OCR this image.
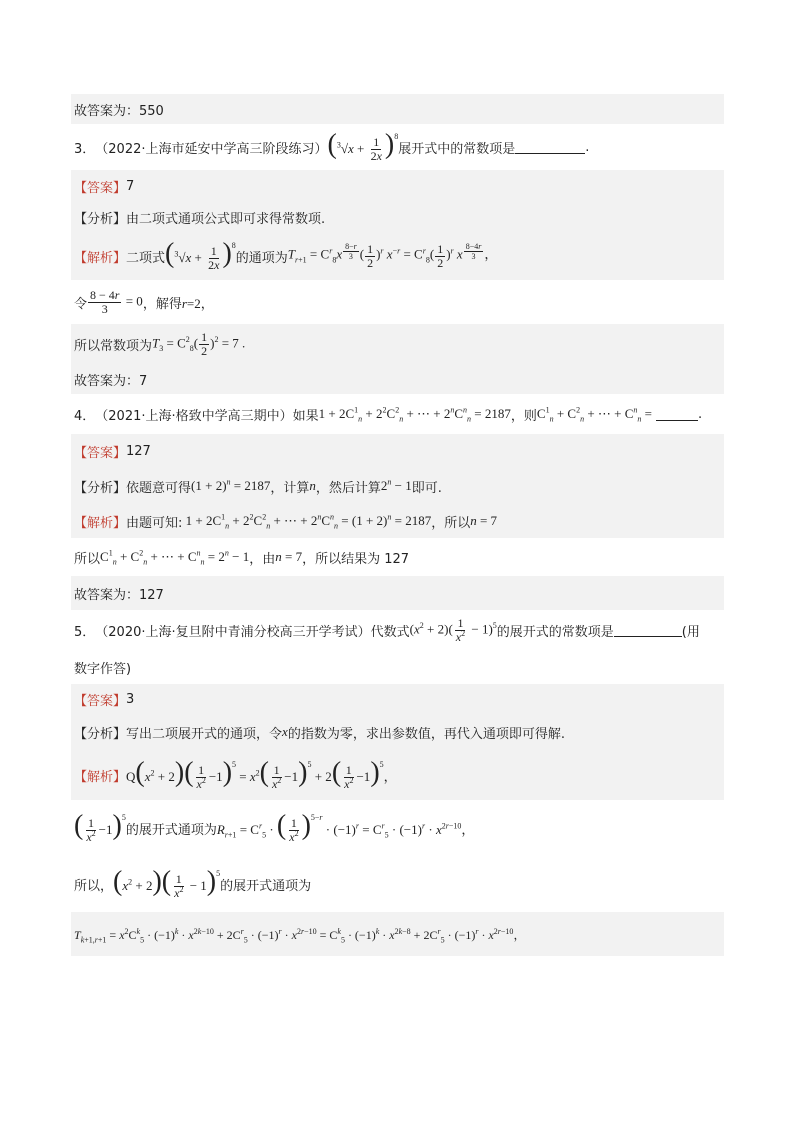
故答案为：550
3． （2022·上海市延安中学高三阶段练习） $(^3√x + \frac{1}{2x} )^8$
展开式中的常数项是	.
【答案】 7
【分析】 由二项式通项公式即可求得常数项.
【解析】 二项式 $(^3√x + \frac{1}{2x} )^8$
的通项为 $T_{r+1} = C^r_8x$ $^{\frac{8-r}{3}}$ ( $\frac{1}{2} )^r$ $x^{-r} = C^r_8( \frac{1}{2} )^r$ x $^{\frac{8-4r}{3}}$ ，
令 $\frac{8 - 4r}{3} = 0$ ，解得 r=2，
所以常数项为 $T_3 = C^2_8( \frac{1}{2} )^2 = 7$ .
故答案为：7
4． （2021·上海·格致中学高三期中） 如果 $1 + 2C^1_n + 2^2C^2_n$ + ⋯ + $2^nC^n_n = 2187$ ，则 $C^1_n + C^2_n$ + ⋯ + $C^n_n$ =	.
【答案】 127
【分析】 依题意可得 $(1 + 2)^n = 2187$ ，计算 n ，然后计算 $2^n - 1$ 即可.
【解析】 由题可知: $1 + 2C^1_n + 2^2C^2_n$ + ⋯ + $2^nC^n_n = (1 + 2)^n = 2187$ ，所以 n = 7
所以 $C^1_n + C^2_n$ + ⋯ + $C^n_n = 2^n - 1$ ，由 n = 7 ，所以结果为 127
故答案为：127
5． （2020·上海·复旦附中青浦分校高三开学考试） 代数式 $(x^2 + 2)( \frac{1}{x^2} - 1)^5$ 的展开式的常数项是	(用
数字作答)
【答案】 3
【分析】 写出二项展开式的通项，令 x 的指数为零，求出参数值，再代入通项即可得解.
【解析】 $Q(x^2 + 2)( \frac{1}{x^2} -1)^5 = x^2( \frac{1}{x^2} -1)^5 + 2( \frac{1}{x^2} -1)^5$，
( $\frac{1}{x^2} -1)^5$
的展开式通项为 $R_{r+1} = C^r_5$ · ( $\frac{1}{x^2} )^{5-r} \cdot (-1)^r = C^r_5 \cdot (-1)^r \cdot x^{2r-10}$，
所以， $(x^2 + 2)( \frac{1}{x^2} - 1)^5$
的展开式通项为
$T_{k+1,r+1} = x^2C^k_5 \cdot (-1)^k \cdot x^{2k-10} + 2C^r_5 \cdot (-1)^r \cdot x^{2r-10} = C^k_5 \cdot (-1)^k \cdot x^{2k-8} + 2C^r_5 \cdot (-1)^r \cdot x^{2r-10}$，
